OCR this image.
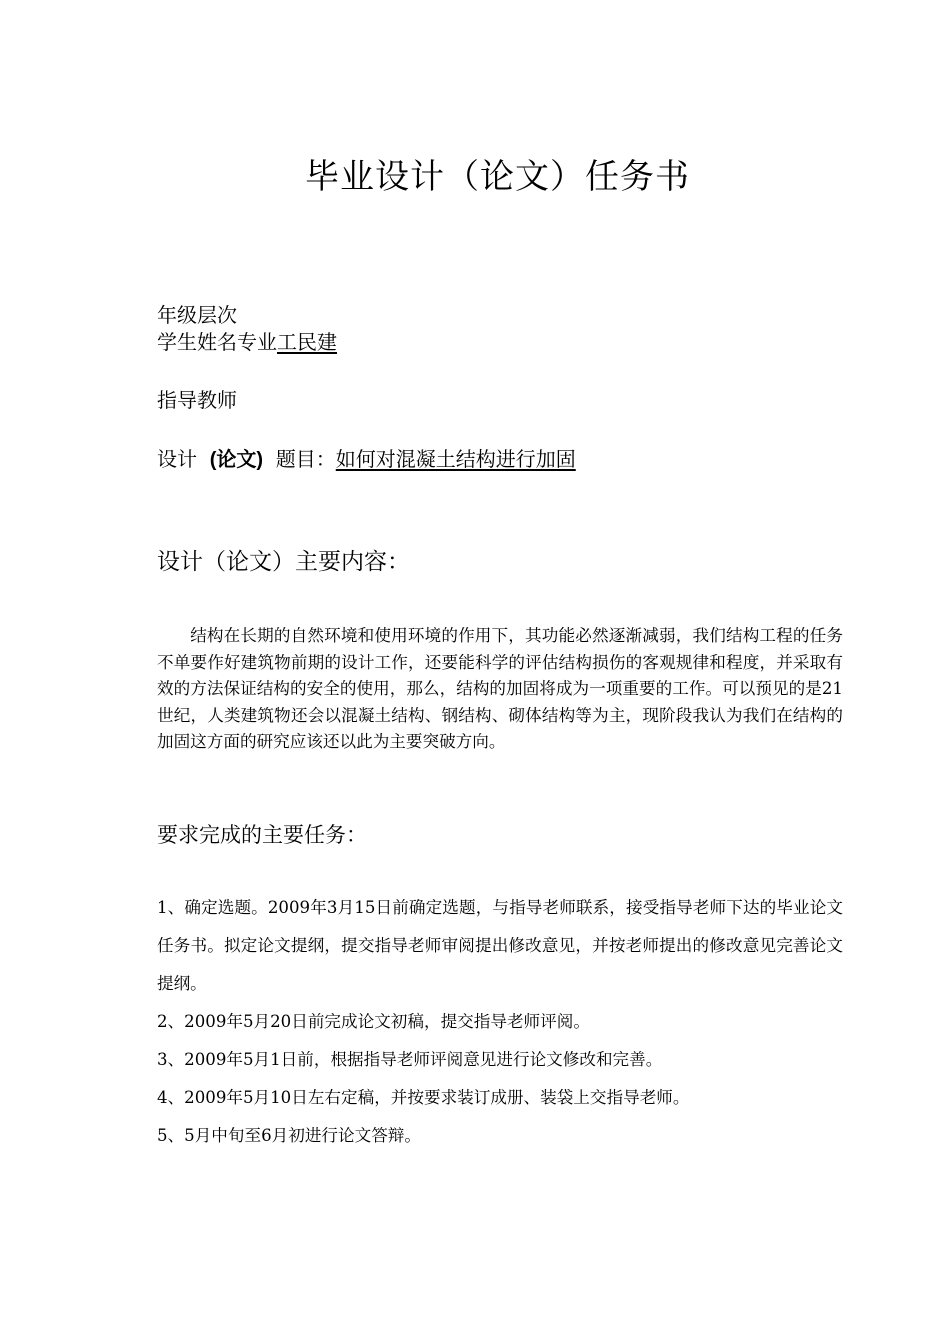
毕业设计（论文）任务书
年级层次
学生姓名专业工民建
指导教师
设计 (论文) 题目：如何对混凝土结构进行加固
设计（论文）主要内容：
结构在长期的自然环境和使用环境的作用下，其功能必然逐渐减弱，我们结构工程的任务不单要作好建筑物前期的设计工作，还要能科学的评估结构损伤的客观规律和程度，并采取有效的方法保证结构的安全的使用，那么，结构的加固将成为一项重要的工作。可以预见的是21世纪，人类建筑物还会以混凝土结构、钢结构、砌体结构等为主，现阶段我认为我们在结构的加固这方面的研究应该还以此为主要突破方向。
要求完成的主要任务：
1、确定选题。2009年3月15日前确定选题，与指导老师联系，接受指导老师下达的毕业论文任务书。拟定论文提纲，提交指导老师审阅提出修改意见，并按老师提出的修改意见完善论文提纲。
2、2009年5月20日前完成论文初稿，提交指导老师评阅。
3、2009年5月1日前，根据指导老师评阅意见进行论文修改和完善。
4、2009年5月10日左右定稿，并按要求装订成册、装袋上交指导老师。
5、5月中旬至6月初进行论文答辩。
